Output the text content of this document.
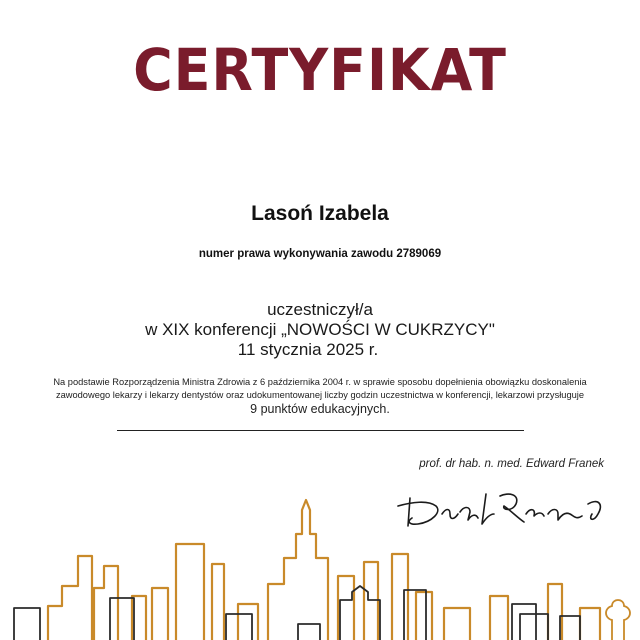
CERTYFIKAT
Lasoń Izabela
numer prawa wykonywania zawodu 2789069
uczestniczył/a
w XIX konferencji „NOWOŚCI W CUKRZYCY"
11 stycznia 2025 r.
Na podstawie Rozporządzenia Ministra Zdrowia z 6 października 2004 r. w sprawie sposobu dopełnienia obowiązku doskonalenia zawodowego lekarzy i lekarzy dentystów oraz udokumentowanej liczby godzin uczestnictwa w konferencji, lekarzowi przysługuje
9 punktów edukacyjnych.
prof. dr hab. n. med. Edward Franek
